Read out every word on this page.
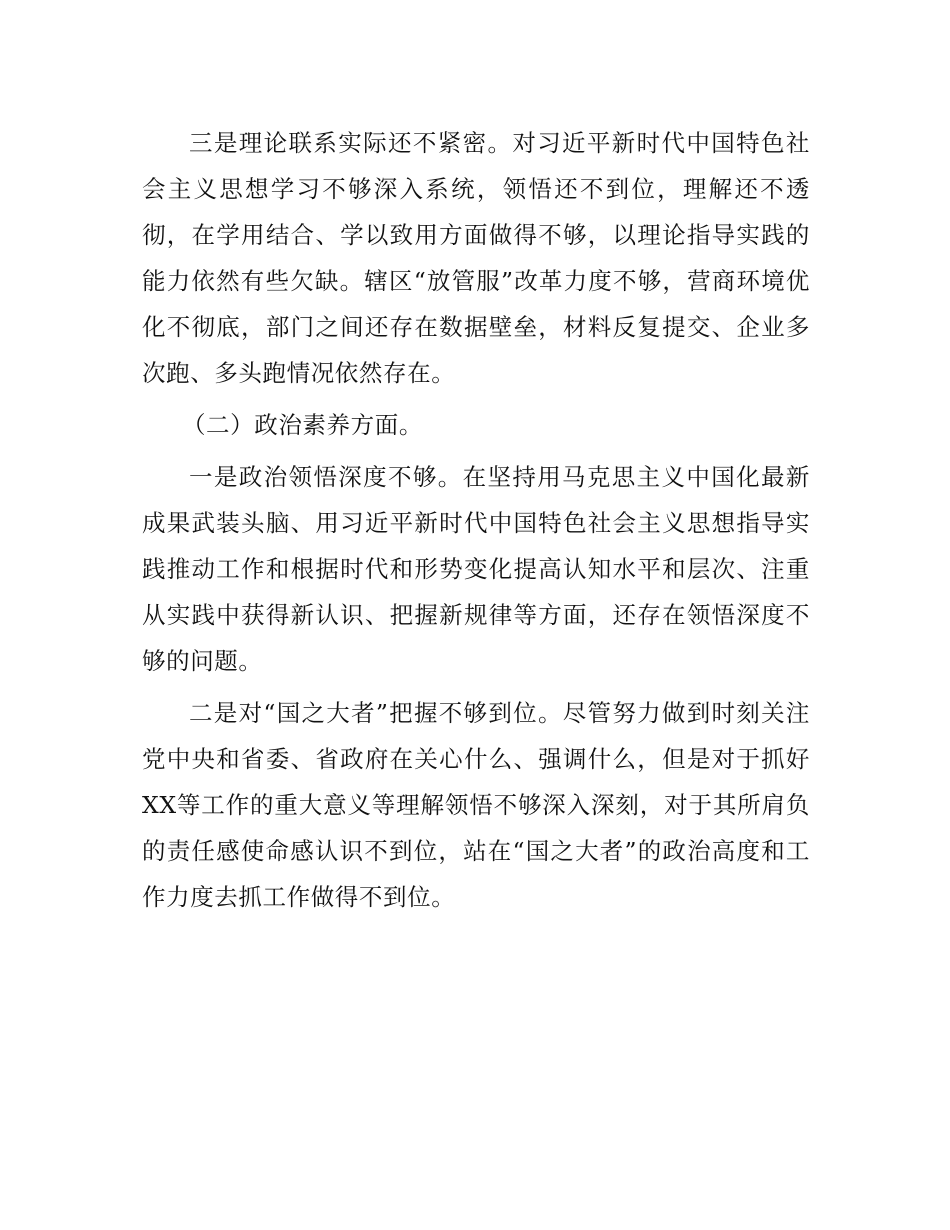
三是理论联系实际还不紧密。对习近平新时代中国特色社会主义思想学习不够深入系统，领悟还不到位，理解还不透彻，在学用结合、学以致用方面做得不够，以理论指导实践的能力依然有些欠缺。辖区“放管服”改革力度不够，营商环境优化不彻底，部门之间还存在数据壁垒，材料反复提交、企业多次跑、多头跑情况依然存在。

（二）政治素养方面。

一是政治领悟深度不够。在坚持用马克思主义中国化最新成果武装头脑、用习近平新时代中国特色社会主义思想指导实践推动工作和根据时代和形势变化提高认知水平和层次、注重从实践中获得新认识、把握新规律等方面，还存在领悟深度不够的问题。

二是对“国之大者”把握不够到位。尽管努力做到时刻关注党中央和省委、省政府在关心什么、强调什么，但是对于抓好XX等工作的重大意义等理解领悟不够深入深刻，对于其所肩负的责任感使命感认识不到位，站在“国之大者”的政治高度和工作力度去抓工作做得不到位。
